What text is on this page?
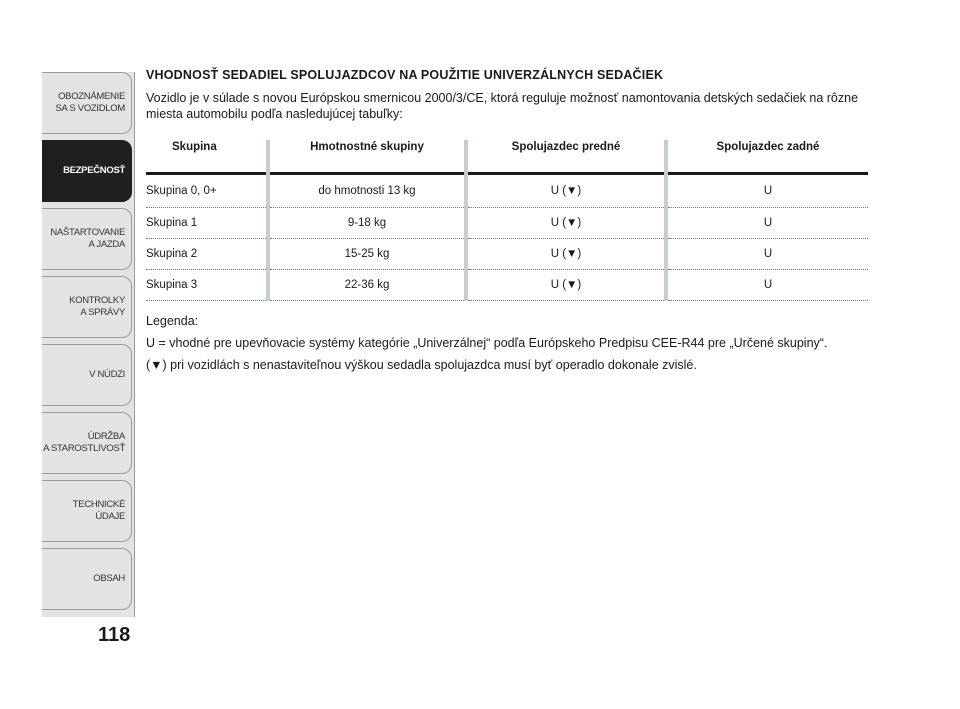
OBOZNÁMENIE
SA S VOZIDLOM
BEZPEČNOSŤ
NAŠTARTOVANIE
A JAZDA
KONTROLKY
A SPRÁVY
V NÚDZI
ÚDRŽBA
A STAROSTLIVOSŤ
TECHNICKÉ
ÚDAJE
OBSAH
118
VHODNOSŤ SEDADIEL SPOLUJAZDCOV NA POUŽITIE UNIVERZÁLNYCH SEDAČIEK

Vozidlo je v súlade s novou Európskou smernicou 2000/3/CE, ktorá reguluje možnosť namontovania detských sedačiek na rôzne miesta automobilu podľa nasledujúcej tabuľky:

Skupina	Hmotnostné skupiny	Spolujazdec predné	Spolujazdec zadné
Skupina 0, 0+	do hmotnosti 13 kg	U (▼)	U
Skupina 1	9-18 kg	U (▼)	U
Skupina 2	15-25 kg	U (▼)	U
Skupina 3	22-36 kg	U (▼)	U

Legenda:

U = vhodné pre upevňovacie systémy kategórie „Univerzálnej“ podľa Európskeho Predpisu CEE-R44 pre „Určené skupiny“.

(▼) pri vozidlách s nenastaviteľnou výškou sedadla spolujazdca musí byť operadlo dokonale zvislé.
